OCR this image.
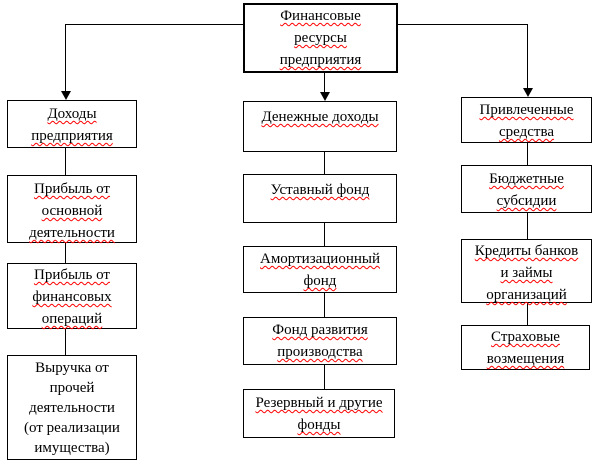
Финансовые
ресурсы
предприятия
Доходы
предприятия
Прибыль от
основной
деятельности
Прибыль от
финансовых
операций
Выручка от
прочей
деятельности
(от реализации
имущества)
Денежные доходы
Уставный фонд
Амортизационный
фонд
Фонд развития
производства
Резервный и другие
фонды
Привлеченные
средства
Бюджетные
субсидии
Кредиты банков
и займы
организаций
Страховые
возмещения
